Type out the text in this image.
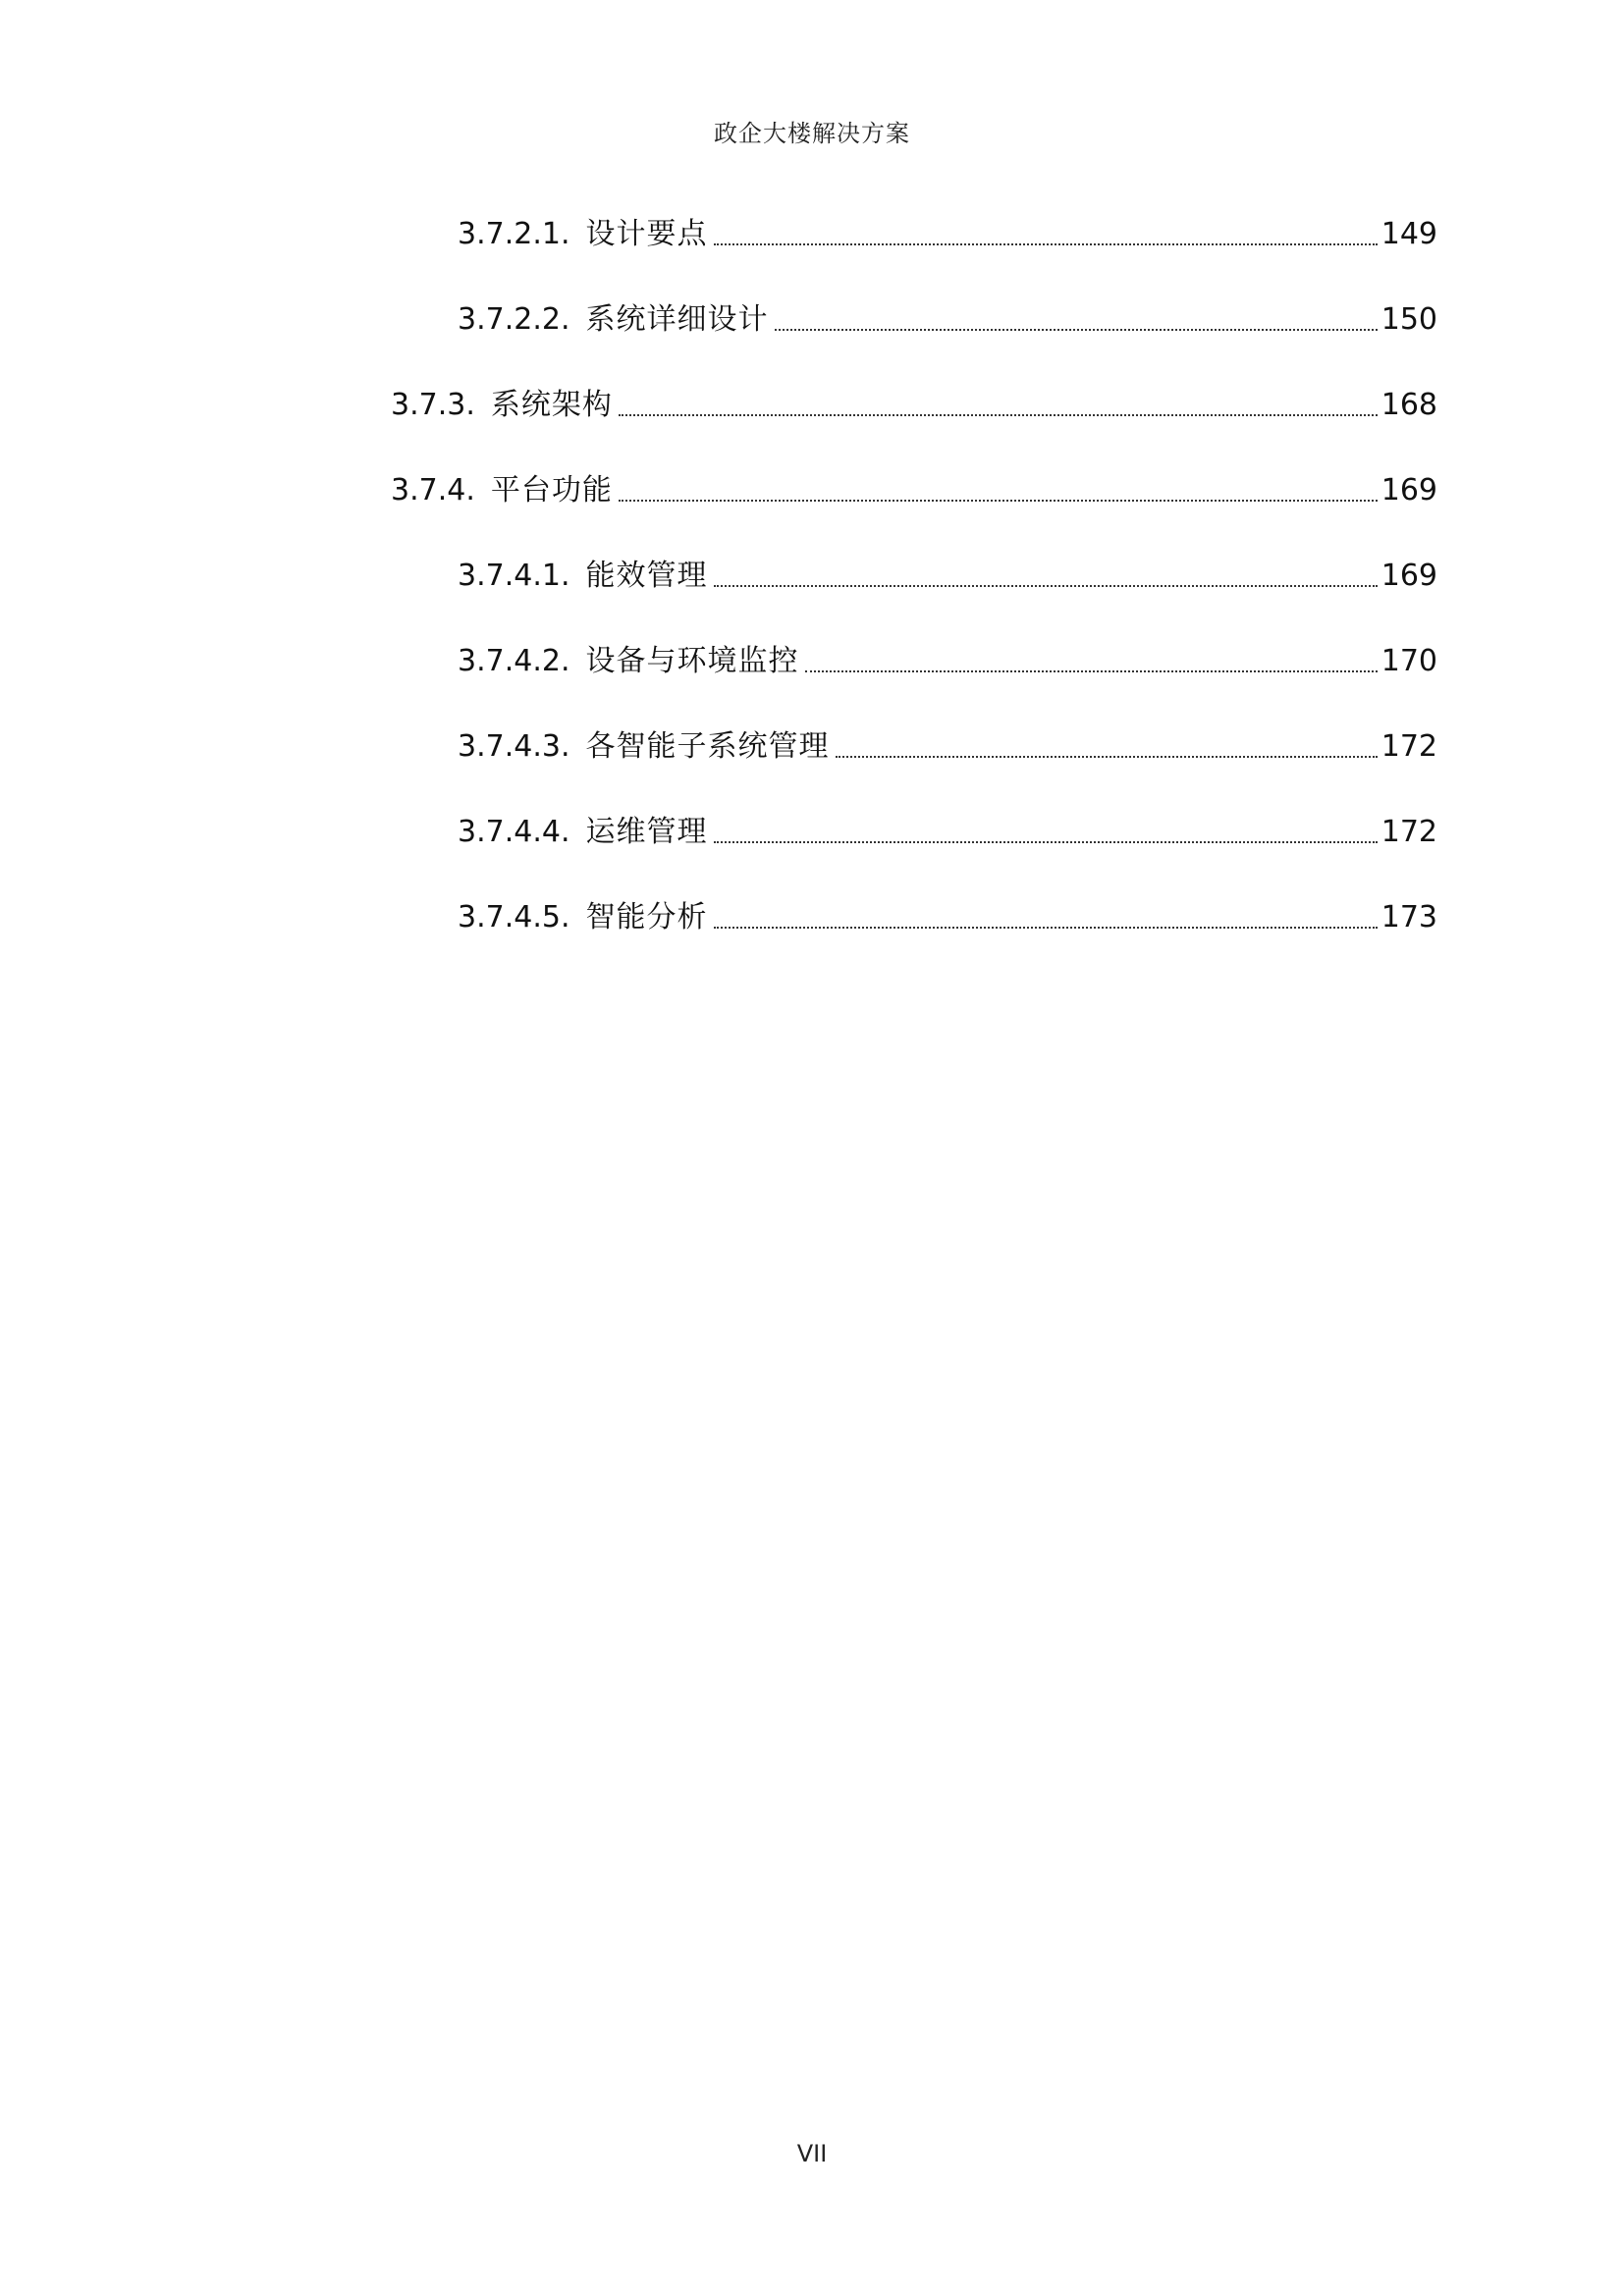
政企大楼解决方案
3.7.2.1. 设计要点	149
3.7.2.2. 系统详细设计	150
3.7.3. 系统架构	168
3.7.4. 平台功能	169
3.7.4.1. 能效管理	169
3.7.4.2. 设备与环境监控	170
3.7.4.3. 各智能子系统管理	172
3.7.4.4. 运维管理	172
3.7.4.5. 智能分析	173
VII
